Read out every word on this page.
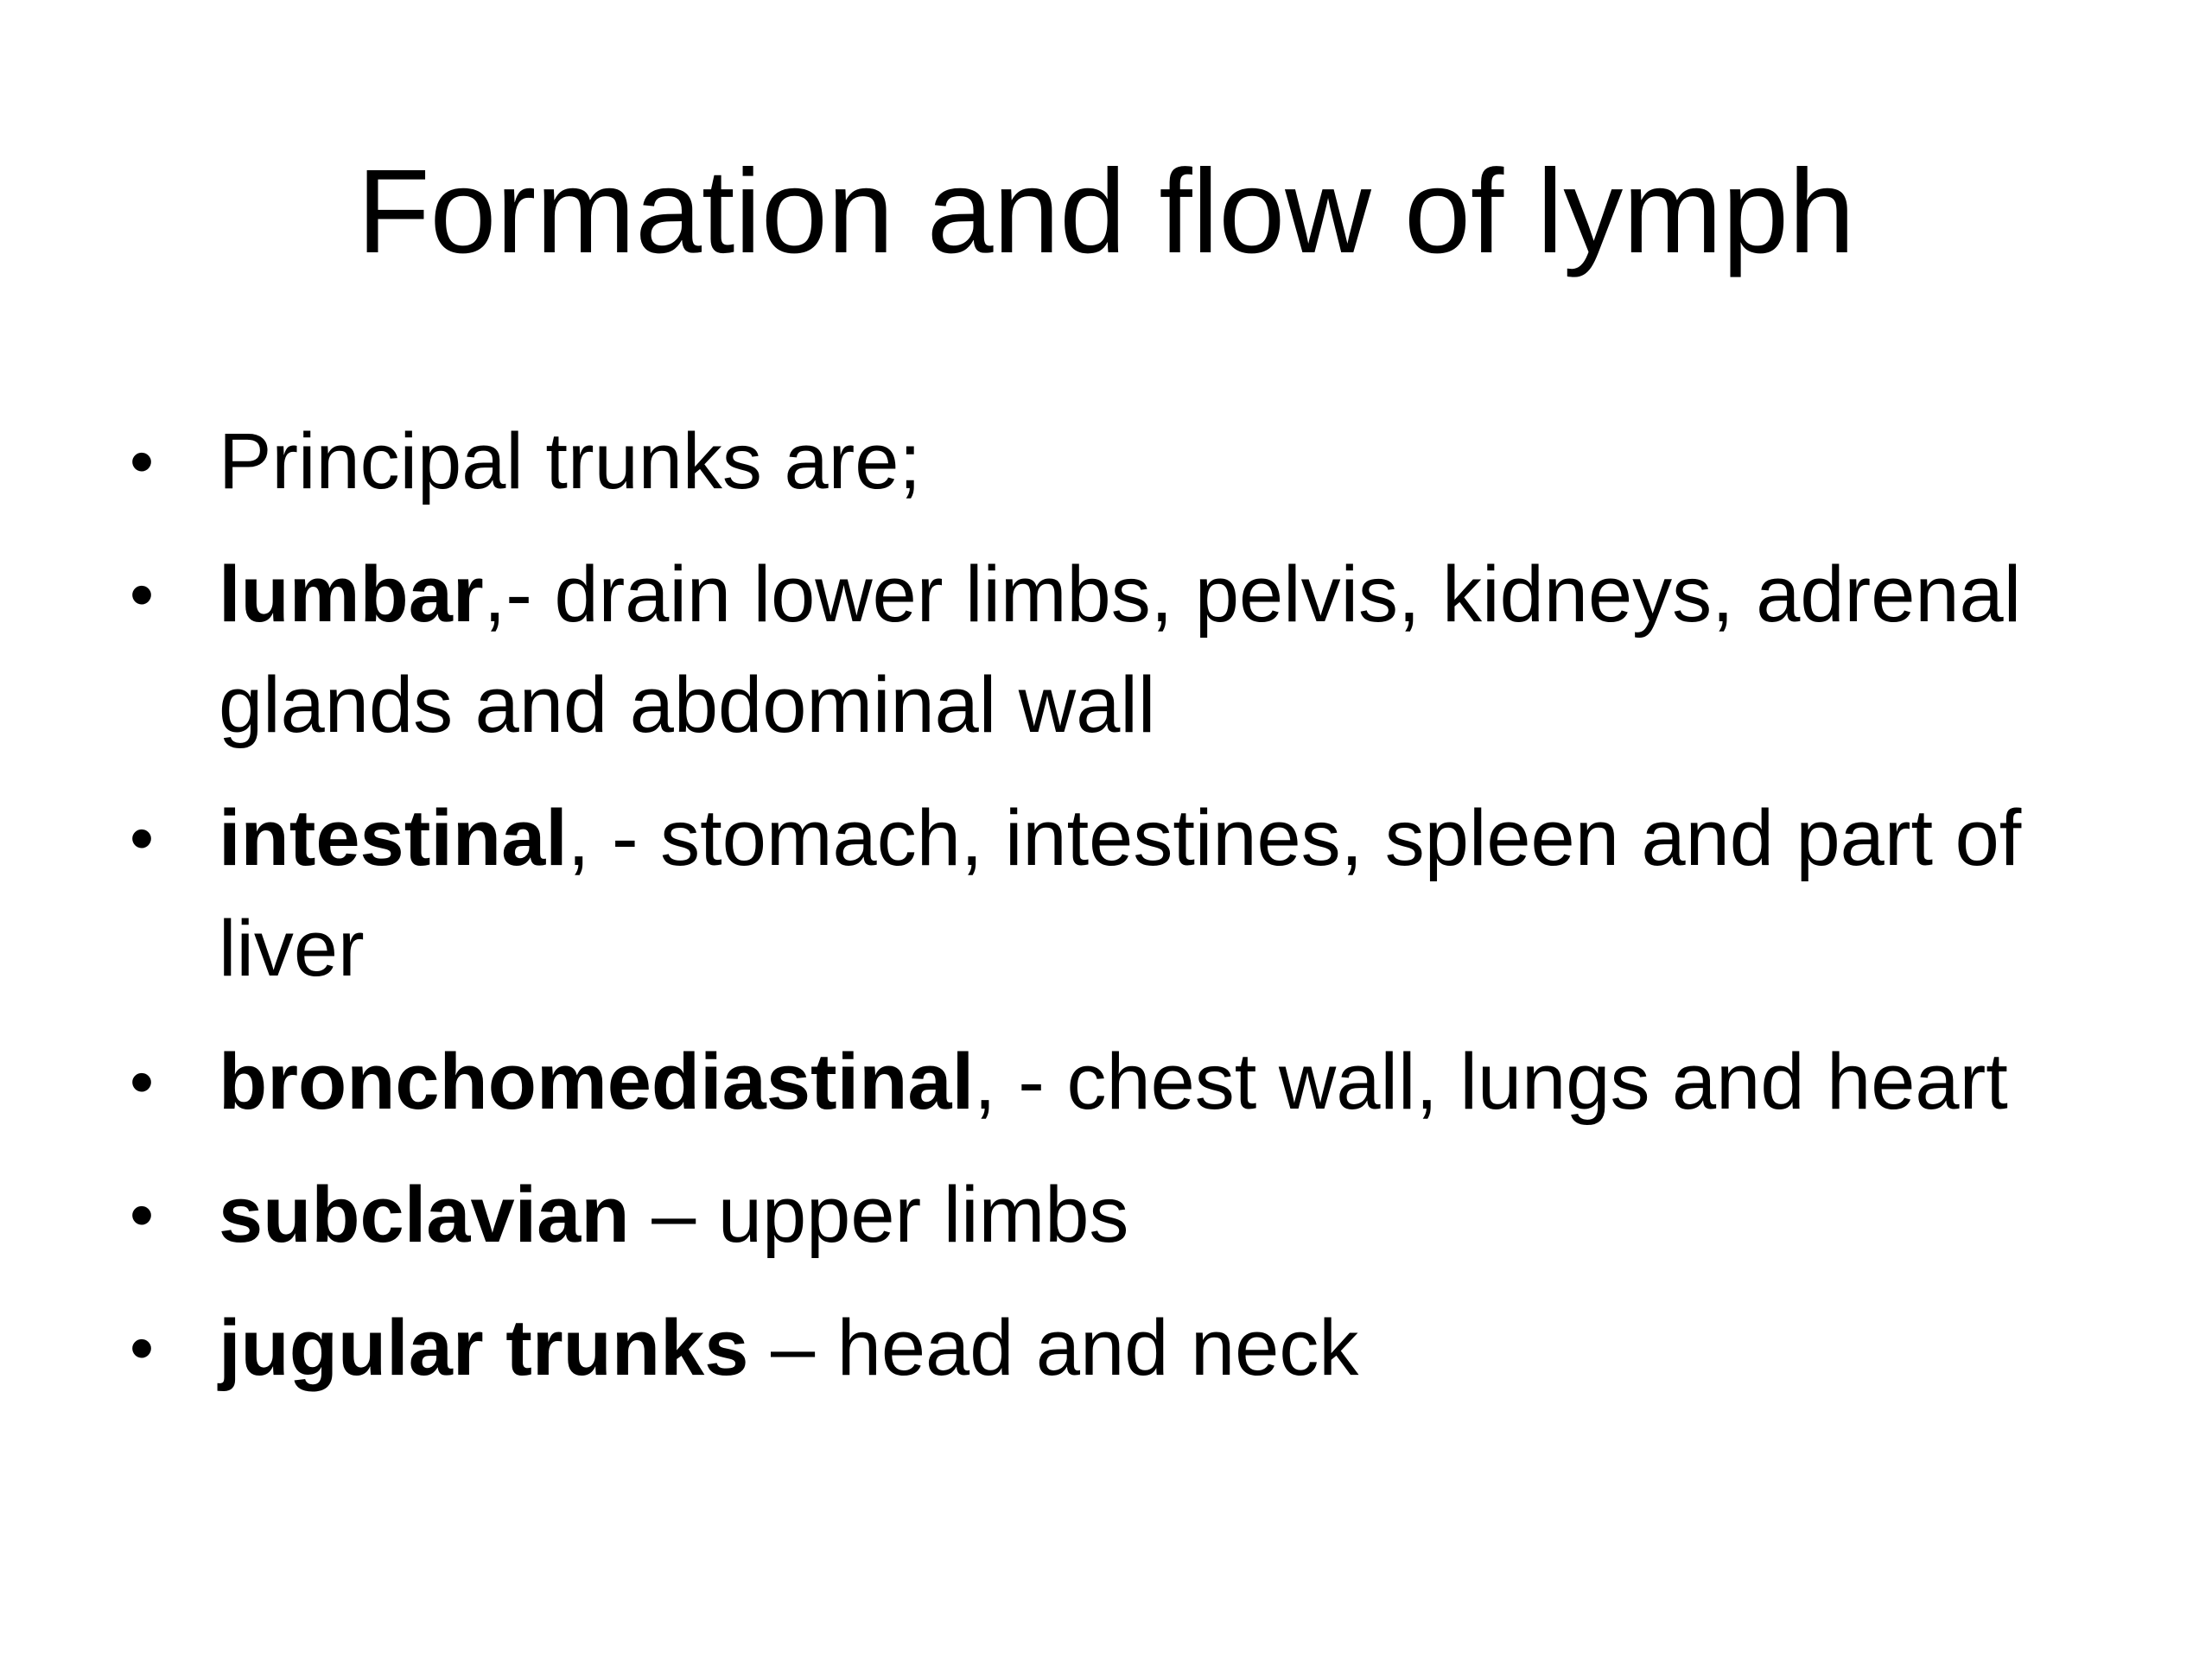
Formation and flow of lymph
• Principal trunks are;
• lumbar,- drain lower limbs, pelvis, kidneys, adrenal glands and abdominal wall
• intestinal, - stomach, intestines, spleen and part of liver
• bronchomediastinal, - chest wall, lungs and heart
• subclavian – upper limbs
• jugular trunks – head and neck
